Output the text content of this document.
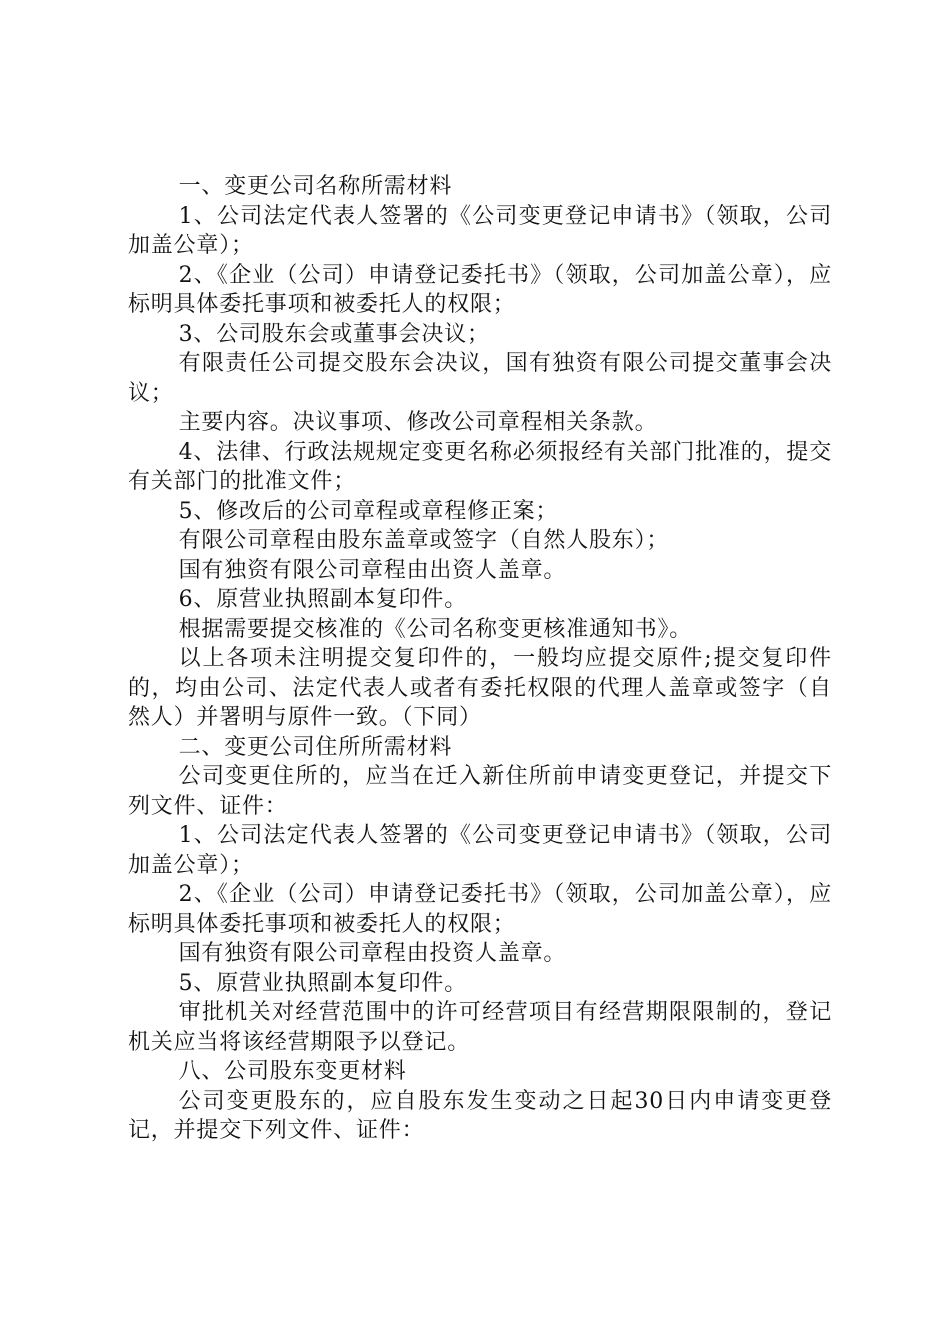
一、变更公司名称所需材料

1、公司法定代表人签署的《公司变更登记申请书》（领取，公司加盖公章）；

2、《企业（公司）申请登记委托书》（领取，公司加盖公章），应标明具体委托事项和被委托人的权限；

3、公司股东会或董事会决议；

有限责任公司提交股东会决议，国有独资有限公司提交董事会决议；

主要内容。决议事项、修改公司章程相关条款。

4、法律、行政法规规定变更名称必须报经有关部门批准的，提交有关部门的批准文件；

5、修改后的公司章程或章程修正案；

有限公司章程由股东盖章或签字（自然人股东）；

国有独资有限公司章程由出资人盖章。

6、原营业执照副本复印件。

根据需要提交核准的《公司名称变更核准通知书》。

以上各项未注明提交复印件的，一般均应提交原件;提交复印件的，均由公司、法定代表人或者有委托权限的代理人盖章或签字（自然人）并署明与原件一致。（下同）

二、变更公司住所所需材料

公司变更住所的，应当在迁入新住所前申请变更登记，并提交下列文件、证件：

1、公司法定代表人签署的《公司变更登记申请书》（领取，公司加盖公章）；

2、《企业（公司）申请登记委托书》（领取，公司加盖公章），应标明具体委托事项和被委托人的权限；

国有独资有限公司章程由投资人盖章。

5、原营业执照副本复印件。

审批机关对经营范围中的许可经营项目有经营期限限制的，登记机关应当将该经营期限予以登记。

八、公司股东变更材料

公司变更股东的，应自股东发生变动之日起30日内申请变更登记，并提交下列文件、证件：
